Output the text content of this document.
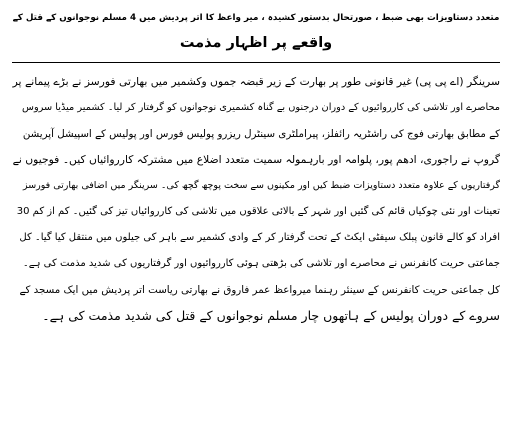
متعدد دستاویزات بھی ضبط ، صورتحال بدستور کشیدہ ، میر واعظ کا اتر پردیش میں 4 مسلم نوجوانوں کے قتل کے
واقعے پر اظہار مذمت
سرینگر (اے پی پی) غیر قانونی طور پر بھارت کے زیر قبضہ جموں وکشمیر میں بھارتی فورسز نے بڑے پیمانے پر
محاصرے اور تلاشی کی کارروائیوں کے دوران درجنوں بے گناہ کشمیری نوجوانوں کو گرفتار کر لیا۔ کشمیر میڈیا سروس
کے مطابق بھارتی فوج کی راشٹریہ رائفلز، پیراملٹری سینٹرل ریزرو پولیس فورس اور پولیس کے اسپیشل آپریشن
گروپ نے راجوری، ادھم پور، پلوامہ اور بارہمولہ سمیت متعدد اضلاع میں مشترکہ کارروائیاں کیں۔ فوجیوں نے
گرفتاریوں کے علاوہ متعدد دستاویزات ضبط کیں اور مکینوں سے سخت پوچھ گچھ کی۔ سرینگر میں اضافی بھارتی فورسز
تعینات اور نئی چوکیاں قائم کی گئیں اور شہر کے بالائی علاقوں میں تلاشی کی کارروائیاں تیز کی گئیں۔ کم از کم 30
افراد کو کالے قانون پبلک سیفٹی ایکٹ کے تحت گرفتار کر کے وادی کشمیر سے باہر کی جیلوں میں منتقل کیا گیا۔ کل
جماعتی حریت کانفرنس نے محاصرے اور تلاشی کی بڑھتی ہوئی کارروائیوں اور گرفتاریوں کی شدید مذمت کی ہے۔
کل جماعتی حریت کانفرنس کے سینئر رہنما میرواعظ عمر فاروق نے بھارتی ریاست اتر پردیش میں ایک مسجد کے
سروے کے دوران پولیس کے ہاتھوں چار مسلم نوجوانوں کے قتل کی شدید مذمت کی ہے۔
